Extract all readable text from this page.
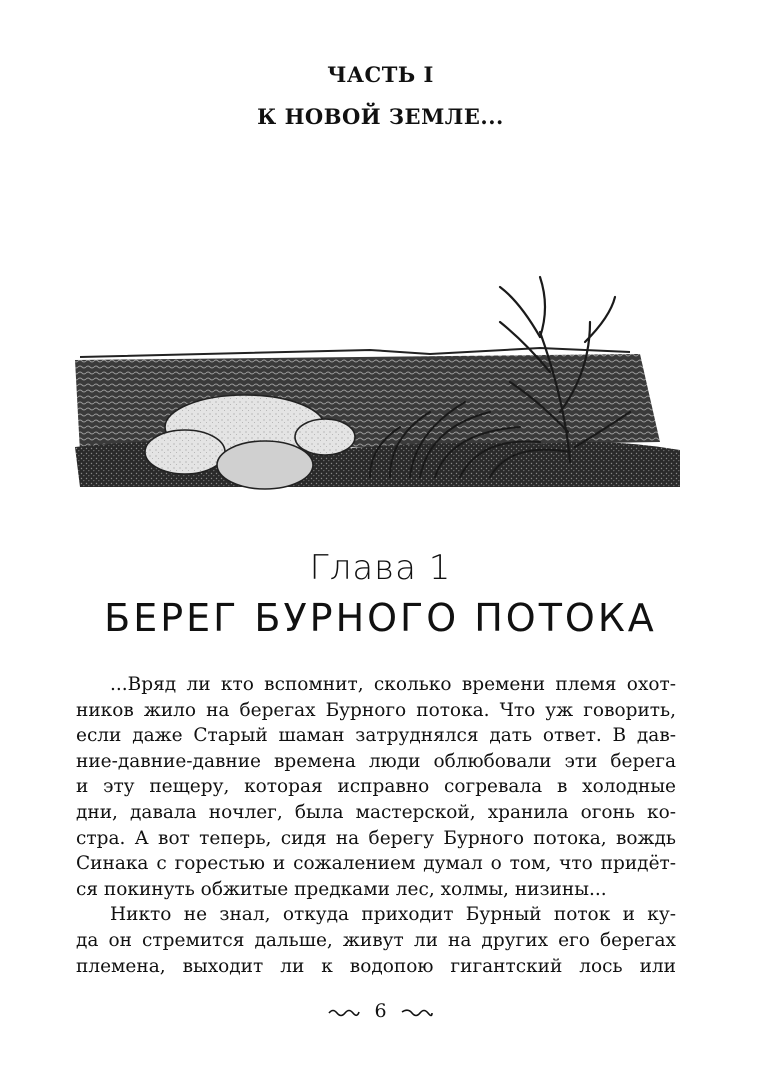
ЧАСТЬ I
К НОВОЙ ЗЕМЛЕ...
Глава 1
БЕРЕГ БУРНОГО ПОТОКА
...Вряд ли кто вспомнит, сколько времени племя охот-
ников жило на берегах Бурного потока. Что уж говорить,
если даже Старый шаман затруднялся дать ответ. В дав-
ние-давние-давние времена люди облюбовали эти берега
и эту пещеру, которая исправно согревала в холодные
дни, давала ночлег, была мастерской, хранила огонь ко-
стра. А вот теперь, сидя на берегу Бурного потока, вождь
Синака с горестью и сожалением думал о том, что придёт-
ся покинуть обжитые предками лес, холмы, низины...
Никто не знал, откуда приходит Бурный поток и ку-
да он стремится дальше, живут ли на других его берегах
племена, выходит ли к водопою гигантский лось или
6
